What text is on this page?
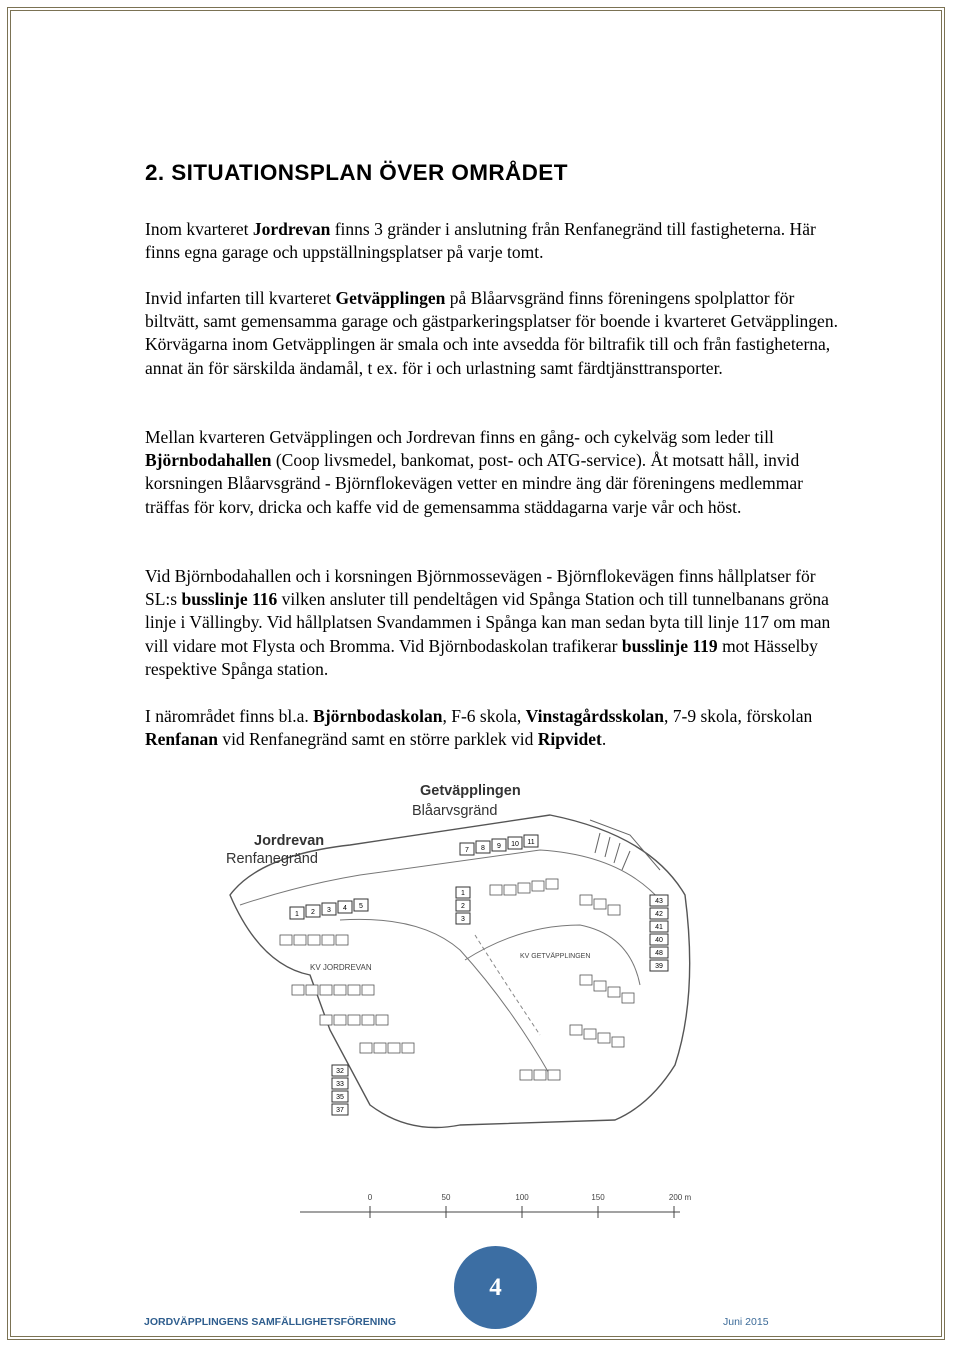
2. SITUATIONSPLAN ÖVER OMRÅDET

Inom kvarteret Jordrevan finns 3 gränder i anslutning från Renfanegränd till fastigheterna. Här finns egna garage och uppställningsplatser på varje tomt.

Invid infarten till kvarteret Getväpplingen på Blåarvsgränd finns föreningens spolplattor för biltvätt, samt gemensamma garage och gästparkeringsplatser för boende i kvarteret Getväpplingen. Körvägarna inom Getväpplingen är smala och inte avsedda för biltrafik till och från fastigheterna, annat än för särskilda ändamål, t ex. för i och urlastning samt färdtjänsttransporter.

Mellan kvarteren Getväpplingen och Jordrevan finns en gång- och cykelväg som leder till Björnbodahallen (Coop livsmedel, bankomat, post- och ATG-service). Åt motsatt håll, invid korsningen Blåarvsgränd - Björnflokevägen vetter en mindre äng där föreningens medlemmar träffas för korv, dricka och kaffe vid de gemensamma städdagarna varje vår och höst.

Vid Björnbodahallen och i korsningen Björnmossevägen - Björnflokevägen finns hållplatser för SL:s busslinje 116 vilken ansluter till pendeltågen vid Spånga Station och till tunnelbanans gröna linje i Vällingby. Vid hållplatsen Svandammen i Spånga kan man sedan byta till linje 117 om man vill vidare mot Flysta och Bromma. Vid Björnbodaskolan trafikerar busslinje 119 mot Hässelby respektive Spånga station.

I närområdet finns bl.a. Björnbodaskolan, F-6 skola, Vinstagårdsskolan, 7-9 skola, förskolan Renfanan vid Renfanegränd samt en större parklek vid Ripvidet.

Getväpplingen
Blåarvsgränd
Jordrevan
Renfanegränd
KV JORDREVAN
KV GETVÄPPLINGEN
7 8 9 10 11
1 2 3 4 5
1
2
3
43
42
41
40
48
39
32
33
35
37
0	50	100	150	200 m
4
JORDVÄPPLINGENS SAMFÄLLIGHETSFÖRENING	Juni 2015
